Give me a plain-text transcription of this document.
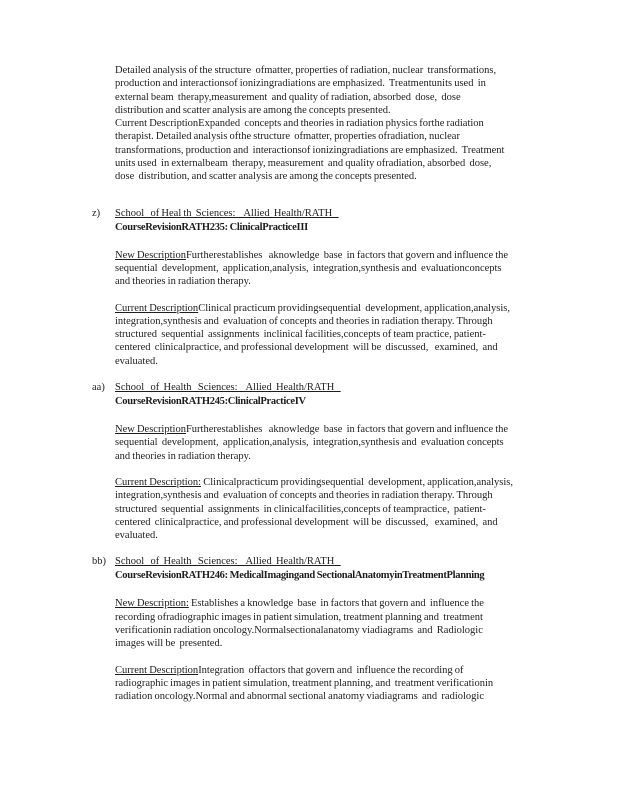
Detailed analysis of the structure  ofmatter, properties of radiation, nuclear  transformations,
production and interactionsof ionizingradiations are emphasized.  Treatmentunits used  in
external beam  therapy,measurement  and quality of radiation, absorbed  dose,  dose
distribution and scatter analysis are among the concepts presented.
Current DescriptionExpanded  concepts and theories in radiation physics forthe radiation
therapist. Detailed analysis ofthe structure  ofmatter, properties ofradiation, nuclear
transformations, production and  interactionsof ionizingradiations are emphasized.  Treatment
units used  in externalbeam  therapy, measurement  and quality ofradiation, absorbed  dose,
dose  distribution, and scatter analysis are among the concepts presented.
z) School   of Heal th  Sciences:    Allied  Health/RATH
CourseRevisionRATH235: ClinicalPracticeIII
New DescriptionFurtherestablishes   aknowledge  base  in factors that govern and influence the
sequential  development,  application,analysis,  integration,synthesis and  evaluationconcepts
and theories in radiation therapy.
Current DescriptionClinical practicum providingsequential  development, application,analysis,
integration,synthesis and  evaluation of concepts and theories in radiation therapy. Through
structured  sequential  assignments  inclinical facilities,concepts of team practice, patient-
centered  clinicalpractice, and professional development  will be  discussed,   examined,  and
evaluated.
aa) School   of  Health   Sciences:    Allied  Health/RATH
CourseRevisionRATH245:ClinicalPracticeIV
New DescriptionFurtherestablishes   aknowledge  base  in factors that govern and influence the
sequential  development,  application,analysis,  integration,synthesis and  evaluation concepts
and theories in radiation therapy.
Current Description: Clinicalpracticum providingsequential  development, application,analysis,
integration,synthesis and  evaluation of concepts and theories in radiation therapy. Through
structured  sequential  assignments  in clinicalfacilities,concepts of teampractice,  patient-
centered  clinicalpractice, and professional development  will be  discussed,   examined,  and
evaluated.
bb) School   of  Health   Sciences:    Allied  Health/RATH
CourseRevisionRATH246: MedicalImagingand SectionalAnatomyinTreatmentPlanning
New Description: Establishes a knowledge  base  in factors that govern and  influence the
recording ofradiographic images in patient simulation, treatment planning and  treatment
verificationin radiation oncology.Normalsectionalanatomy viadiagrams  and  Radiologic
images will be  presented.
Current DescriptionIntegration  offactors that govern and  influence the recording of
radiographic images in patient simulation, treatment planning, and  treatment verificationin
radiation oncology.Normal and abnormal sectional anatomy viadiagrams  and  radiologic
